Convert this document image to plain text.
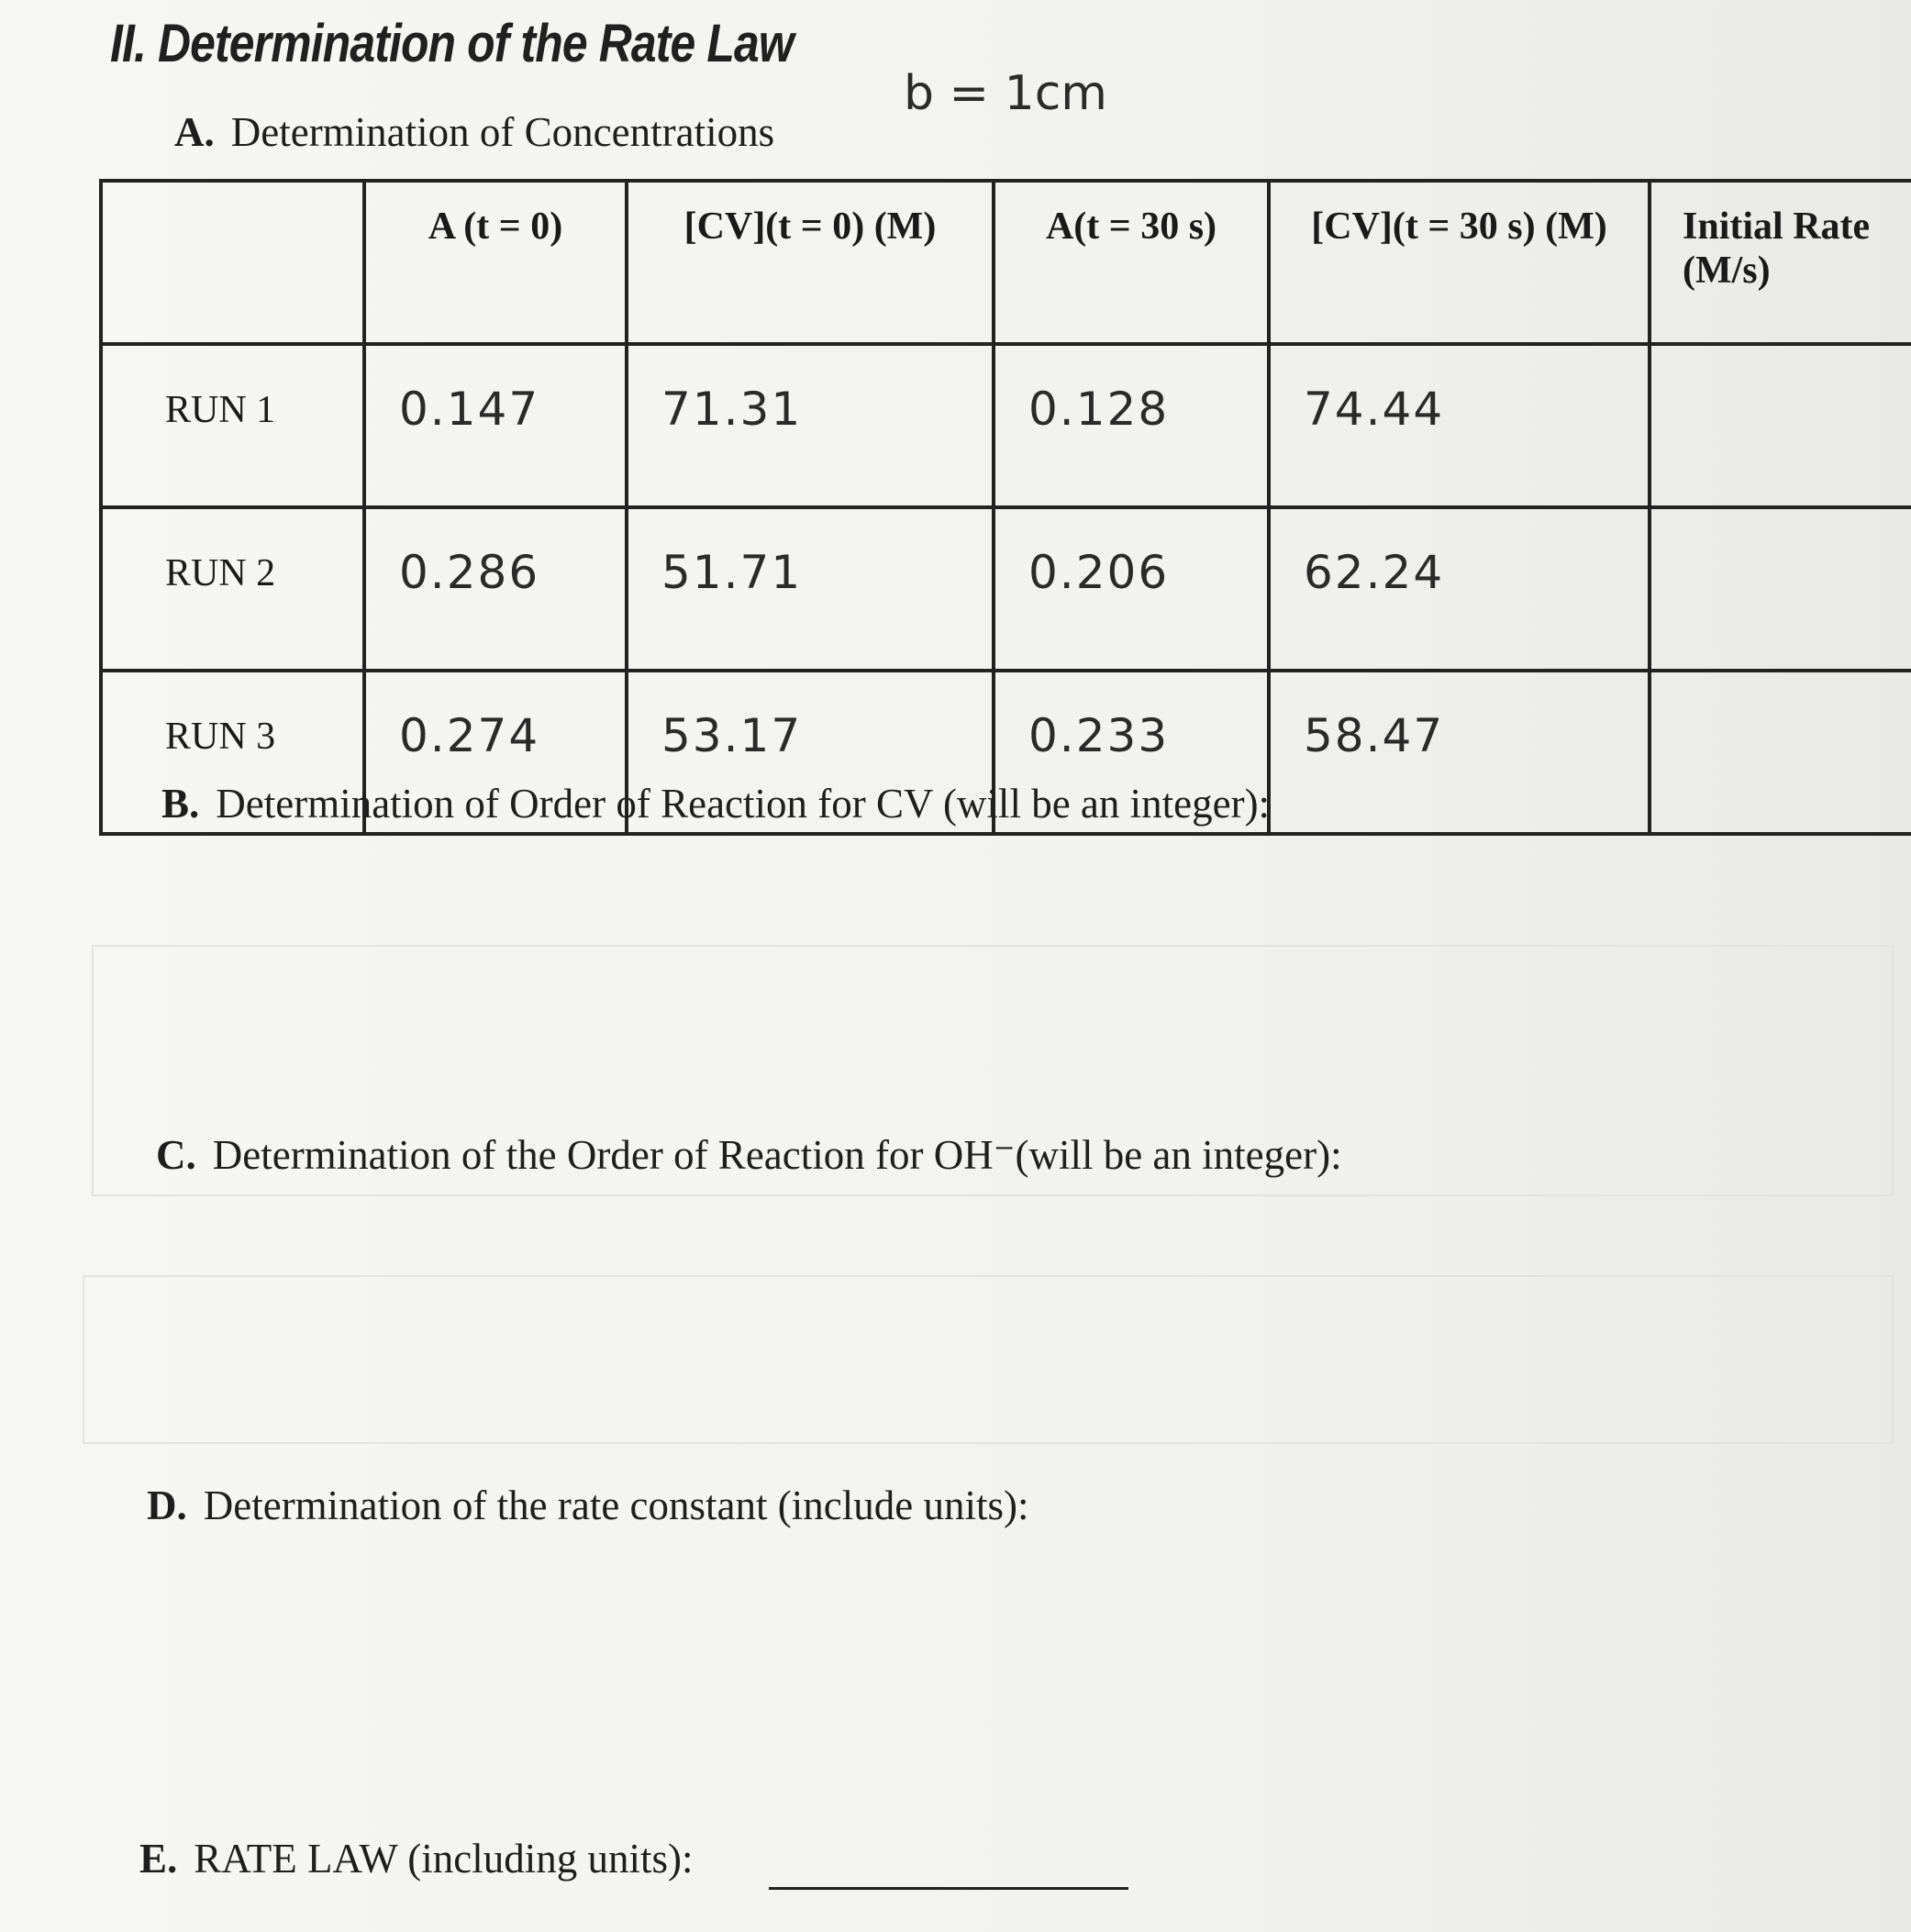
II. Determination of the Rate Law
b = 1cm
A. Determination of Concentrations
	A (t = 0)	[CV](t = 0) (M)	A(t = 30 s)	[CV](t = 30 s) (M)	Initial Rate
(M/s)
RUN 1	0.147	71.31	0.128	74.44	
RUN 2	0.286	51.71	0.206	62.24	
RUN 3	0.274	53.17	0.233	58.47	
B. Determination of Order of Reaction for CV (will be an integer):
C. Determination of the Order of Reaction for OH⁻(will be an integer):
D. Determination of the rate constant (include units):
E. RATE LAW (including units):
